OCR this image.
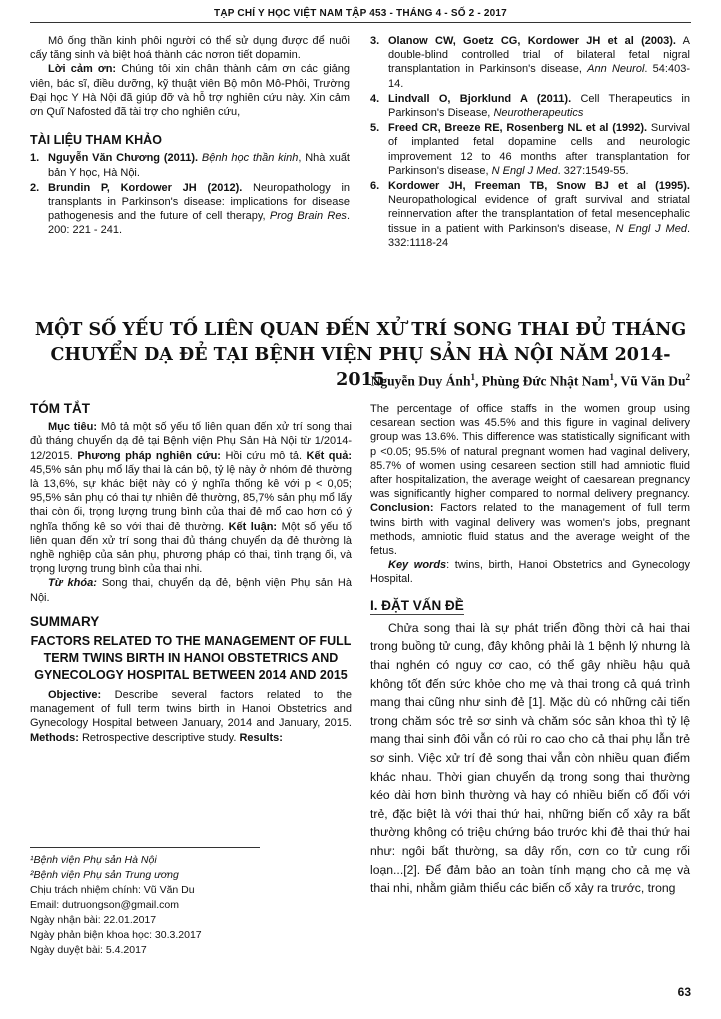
TẠP CHÍ Y HỌC VIỆT NAM TẬP 453 - THÁNG 4 - SỐ 2 - 2017

Mô ống thần kinh phôi người có thể sử dụng được để nuôi cấy tăng sinh và biệt hoá thành các nơron tiết dopamin.

Lời cảm ơn: Chúng tôi xin chân thành cảm ơn các giảng viên, bác sĩ, điều dưỡng, kỹ thuật viên Bộ môn Mô-Phôi, Trường Đại học Y Hà Nội đã giúp đỡ và hỗ trợ nghiên cứu này. Xin cảm ơn Quĩ Nafosted đã tài trợ cho nghiên cứu,

TÀI LIỆU THAM KHẢO
1. Nguyễn Văn Chương (2011). Bệnh học thần kinh, Nhà xuất bản Y học, Hà Nội.
2. Brundin P, Kordower JH (2012). Neuropathology in transplants in Parkinson's disease: implications for disease pathogenesis and the future of cell therapy, Prog Brain Res. 200: 221 - 241.
3. Olanow CW, Goetz CG, Kordower JH et al (2003). A double-blind controlled trial of bilateral fetal nigral transplantation in Parkinson's disease, Ann Neurol. 54:403-14.
4. Lindvall O, Bjorklund A (2011). Cell Therapeutics in Parkinson's Disease, Neurotherapeutics
5. Freed CR, Breeze RE, Rosenberg NL et al (1992). Survival of implanted fetal dopamine cells and neurologic improvement 12 to 46 months after transplantation for Parkinson's disease, N Engl J Med. 327:1549-55.
6. Kordower JH, Freeman TB, Snow BJ et al (1995). Neuropathological evidence of graft survival and striatal reinnervation after the transplantation of fetal mesencephalic tissue in a patient with Parkinson's disease, N Engl J Med. 332:1118-24
MỘT SỐ YẾU TỐ LIÊN QUAN ĐẾN XỬ TRÍ SONG THAI ĐỦ THÁNG CHUYỂN DẠ ĐẺ TẠI BỆNH VIỆN PHỤ SẢN HÀ NỘI NĂM 2014-2015
Nguyễn Duy Ánh$^1$, Phùng Đức Nhật Nam$^1$, Vũ Văn Du$^2$
TÓM TẮT

Mục tiêu: Mô tả một số yếu tố liên quan đến xử trí song thai đủ tháng chuyển dạ đẻ tại Bệnh viện Phụ Sản Hà Nội từ 1/2014-12/2015. Phương pháp nghiên cứu: Hồi cứu mô tả. Kết quả: 45,5% sản phụ mổ lấy thai là cán bộ, tỷ lệ này ở nhóm đẻ thường là 13,6%, sự khác biệt này có ý nghĩa thống kê với p < 0,05; 95,5% sản phụ có thai tự nhiên đẻ thường, 85,7% sản phụ mổ lấy thai còn ối, trọng lượng trung bình của thai đẻ mổ cao hơn có ý nghĩa thống kê so với thai đẻ thường. Kết luận: Một số yếu tố liên quan đến xử trí song thai đủ tháng chuyển dạ đẻ thường là nghề nghiệp của sản phụ, phương pháp có thai, tình trạng ối, và trọng lượng trung bình của thai nhi.

Từ khóa: Song thai, chuyển dạ đẻ, bệnh viện Phụ sản Hà Nội.

SUMMARY
FACTORS RELATED TO THE MANAGEMENT OF FULL TERM TWINS BIRTH IN HANOI OBSTETRICS AND GYNECOLOGY HOSPITAL BETWEEN 2014 AND 2015

Objective: Describe several factors related to the management of full term twins birth in Hanoi Obstetrics and Gynecology Hospital between January, 2014 and January, 2015. Methods: Retrospective descriptive study. Results:

The percentage of office staffs in the women group using cesarean section was 45.5% and this figure in vaginal delivery group was 13.6%. This difference was statistically significant with p <0.05; 95.5% of natural pregnant women had vaginal delivery, 85.7% of women using cesareen section still had amniotic fluid after hospitalization, the average weight of caesarean pregnancy was significantly higher compared to normal delivery pregnancy. Conclusion: Factors related to the management of full term twins birth with vaginal delivery was women's jobs, pregnant methods, amniotic fluid status and the average weight of the fetus.

Key words: twins, birth, Hanoi Obstetrics and Gynecology Hospital.

I. ĐẶT VẤN ĐỀ

Chửa song thai là sự phát triển đồng thời cả hai thai trong buồng tử cung, đây không phải là 1 bệnh lý nhưng là thai nghén có nguy cơ cao, có thể gây nhiều hậu quả không tốt đến sức khỏe cho mẹ và thai trong cả quá trình mang thai cũng như sinh đẻ [1]. Mặc dù có những cải tiến trong chăm sóc trẻ sơ sinh và chăm sóc sản khoa thì tỷ lệ mang thai sinh đôi vẫn có rủi ro cao cho cả thai phụ lẫn trẻ sơ sinh. Việc xử trí đẻ song thai vẫn còn nhiều quan điểm khác nhau. Thời gian chuyển dạ trong song thai thường kéo dài hơn bình thường và hay có nhiều biến cố đối với trẻ, đặc biệt là với thai thứ hai, những biến cố xảy ra bất thường không có triệu chứng báo trước khi đẻ thai thứ hai như: ngôi bất thường, sa dây rốn, cơn co tử cung rối loạn...[2]. Để đảm bảo an toàn tính mạng cho cả mẹ và thai nhi, nhằm giảm thiểu các biến cố xảy ra trước, trong

¹Bệnh viện Phụ sản Hà Nội
²Bệnh viện Phụ sản Trung ương
Chịu trách nhiệm chính: Vũ Văn Du
Email: dutruongson@gmail.com
Ngày nhận bài: 22.01.2017
Ngày phản biện khoa học: 30.3.2017
Ngày duyệt bài: 5.4.2017
63
